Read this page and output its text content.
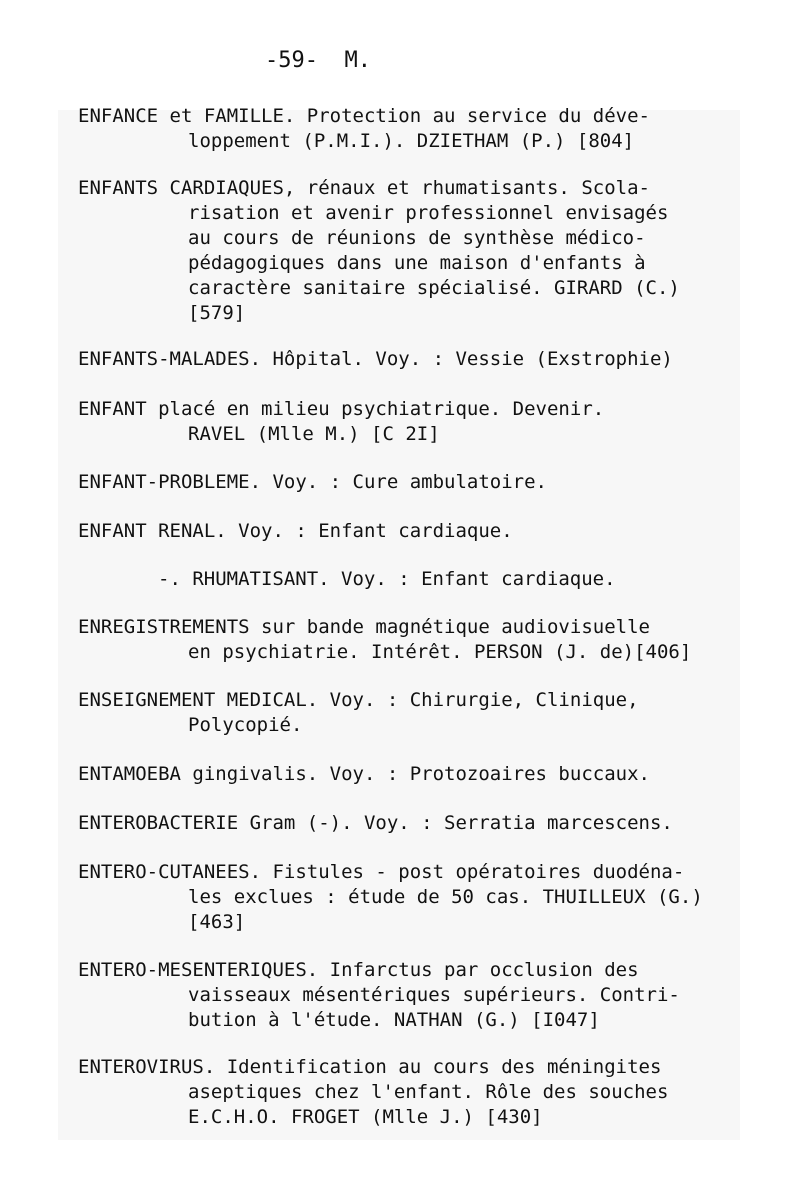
-59- M.
ENFANCE et FAMILLE. Protection au service du déve-
loppement (P.M.I.). DZIETHAM (P.) [804]
ENFANTS CARDIAQUES, rénaux et rhumatisants. Scola-
risation et avenir professionnel envisagés
au cours de réunions de synthèse médico-
pédagogiques dans une maison d'enfants à
caractère sanitaire spécialisé. GIRARD (C.)
[579]
ENFANTS-MALADES. Hôpital. Voy. : Vessie (Exstrophie)
ENFANT placé en milieu psychiatrique. Devenir.
RAVEL (Mlle M.) [C 2I]
ENFANT-PROBLEME. Voy. : Cure ambulatoire.
ENFANT RENAL. Voy. : Enfant cardiaque.
-. RHUMATISANT. Voy. : Enfant cardiaque.
ENREGISTREMENTS sur bande magnétique audiovisuelle
en psychiatrie. Intérêt. PERSON (J. de)[406]
ENSEIGNEMENT MEDICAL. Voy. : Chirurgie, Clinique,
Polycopié.
ENTAMOEBA gingivalis. Voy. : Protozoaires buccaux.
ENTEROBACTERIE Gram (-). Voy. : Serratia marcescens.
ENTERO-CUTANEES. Fistules - post opératoires duodéna-
les exclues : étude de 50 cas. THUILLEUX (G.)
[463]
ENTERO-MESENTERIQUES. Infarctus par occlusion des
vaisseaux mésentériques supérieurs. Contri-
bution à l'étude. NATHAN (G.) [I047]
ENTEROVIRUS. Identification au cours des méningites
aseptiques chez l'enfant. Rôle des souches
E.C.H.O. FROGET (Mlle J.) [430]
